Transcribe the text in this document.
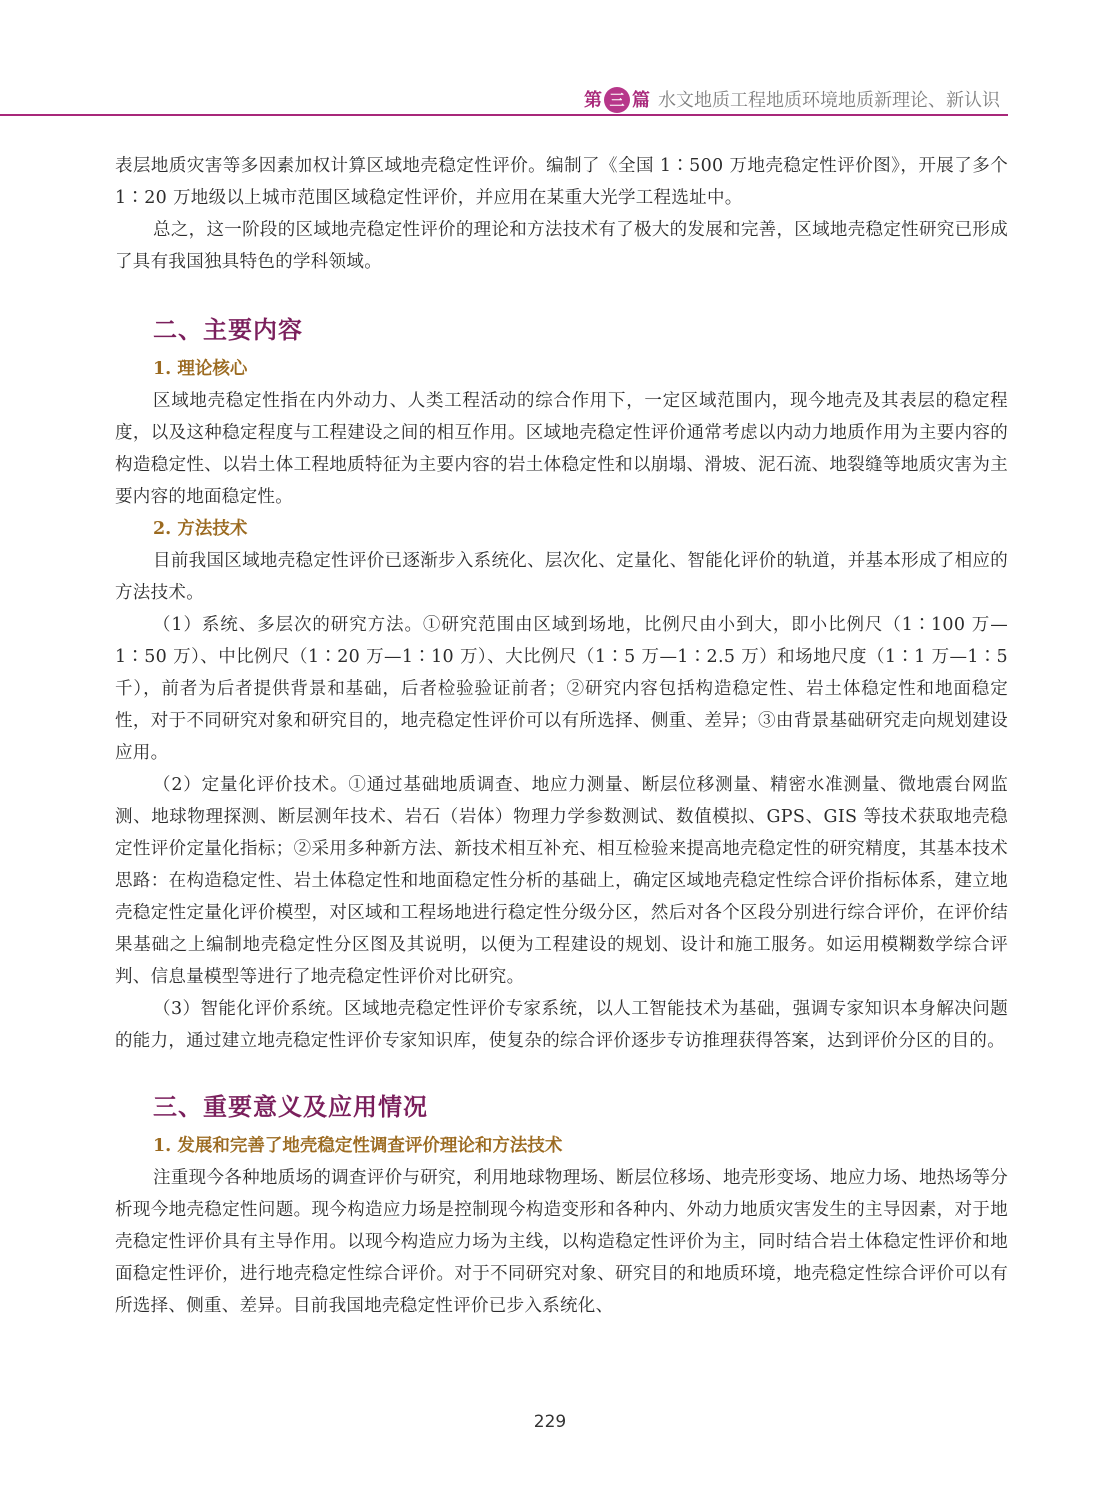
第 三 篇 水文地质工程地质环境地质新理论、新认识

表层地质灾害等多因素加权计算区域地壳稳定性评价。编制了《全国 1∶500 万地壳稳定性评价图》，开展了多个 1∶20 万地级以上城市范围区域稳定性评价，并应用在某重大光学工程选址中。

总之，这一阶段的区域地壳稳定性评价的理论和方法技术有了极大的发展和完善，区域地壳稳定性研究已形成了具有我国独具特色的学科领域。

二、主要内容
1. 理论核心

区域地壳稳定性指在内外动力、人类工程活动的综合作用下，一定区域范围内，现今地壳及其表层的稳定程度，以及这种稳定程度与工程建设之间的相互作用。区域地壳稳定性评价通常考虑以内动力地质作用为主要内容的构造稳定性、以岩土体工程地质特征为主要内容的岩土体稳定性和以崩塌、滑坡、泥石流、地裂缝等地质灾害为主要内容的地面稳定性。

2. 方法技术

目前我国区域地壳稳定性评价已逐渐步入系统化、层次化、定量化、智能化评价的轨道，并基本形成了相应的方法技术。

（1）系统、多层次的研究方法。①研究范围由区域到场地，比例尺由小到大，即小比例尺（1∶100 万—1∶50 万）、中比例尺（1∶20 万—1∶10 万）、大比例尺（1∶5 万—1∶2.5 万）和场地尺度（1∶1 万—1∶5 千），前者为后者提供背景和基础，后者检验验证前者；②研究内容包括构造稳定性、岩土体稳定性和地面稳定性，对于不同研究对象和研究目的，地壳稳定性评价可以有所选择、侧重、差异；③由背景基础研究走向规划建设应用。

（2）定量化评价技术。①通过基础地质调查、地应力测量、断层位移测量、精密水准测量、微地震台网监测、地球物理探测、断层测年技术、岩石（岩体）物理力学参数测试、数值模拟、GPS、GIS 等技术获取地壳稳定性评价定量化指标；②采用多种新方法、新技术相互补充、相互检验来提高地壳稳定性的研究精度，其基本技术思路：在构造稳定性、岩土体稳定性和地面稳定性分析的基础上，确定区域地壳稳定性综合评价指标体系，建立地壳稳定性定量化评价模型，对区域和工程场地进行稳定性分级分区，然后对各个区段分别进行综合评价，在评价结果基础之上编制地壳稳定性分区图及其说明，以便为工程建设的规划、设计和施工服务。如运用模糊数学综合评判、信息量模型等进行了地壳稳定性评价对比研究。

（3）智能化评价系统。区域地壳稳定性评价专家系统，以人工智能技术为基础，强调专家知识本身解决问题的能力，通过建立地壳稳定性评价专家知识库，使复杂的综合评价逐步专访推理获得答案，达到评价分区的目的。

三、重要意义及应用情况
1. 发展和完善了地壳稳定性调查评价理论和方法技术

注重现今各种地质场的调查评价与研究，利用地球物理场、断层位移场、地壳形变场、地应力场、地热场等分析现今地壳稳定性问题。现今构造应力场是控制现今构造变形和各种内、外动力地质灾害发生的主导因素，对于地壳稳定性评价具有主导作用。以现今构造应力场为主线，以构造稳定性评价为主，同时结合岩土体稳定性评价和地面稳定性评价，进行地壳稳定性综合评价。对于不同研究对象、研究目的和地质环境，地壳稳定性综合评价可以有所选择、侧重、差异。目前我国地壳稳定性评价已步入系统化、

229
